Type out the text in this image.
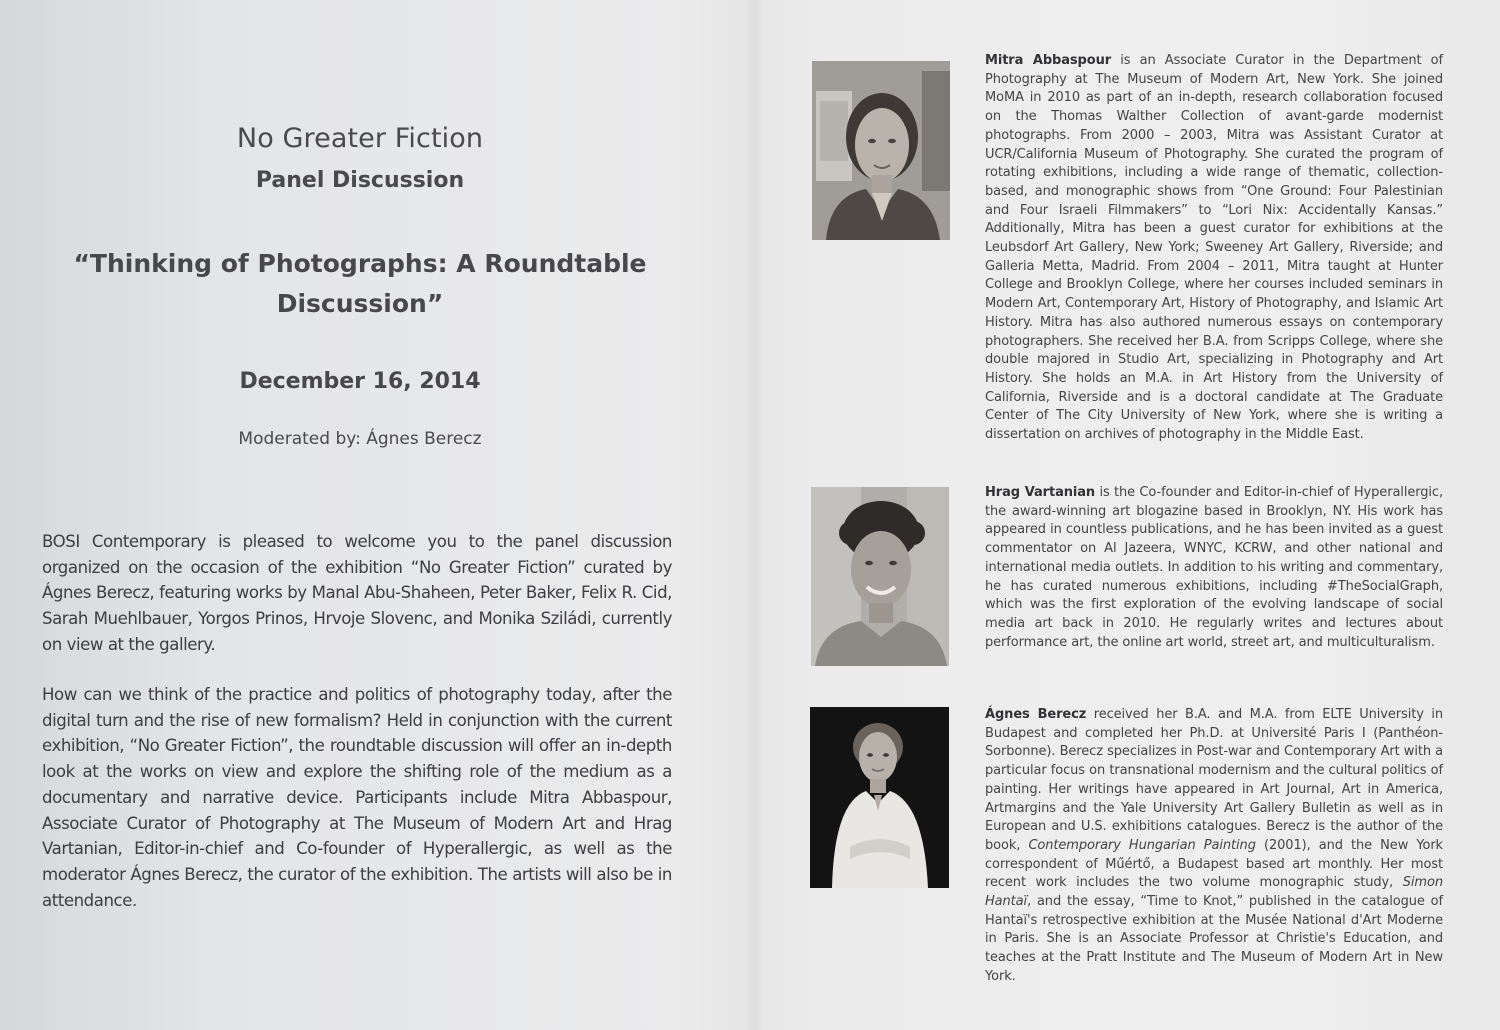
No Greater Fiction
Panel Discussion
“Thinking of Photographs: A Roundtable Discussion”
December 16, 2014
Moderated by: Ágnes Berecz
BOSI Contemporary is pleased to welcome you to the panel discussion organized on the occasion of the exhibition “No Greater Fiction” curated by Ágnes Berecz, featuring works by Manal Abu-Shaheen, Peter Baker, Felix R. Cid, Sarah Muehlbauer, Yorgos Prinos, Hrvoje Slovenc, and Monika Sziládi, currently on view at the gallery.
How can we think of the practice and politics of photography today, after the digital turn and the rise of new formalism? Held in conjunction with the current exhibition, “No Greater Fiction”, the roundtable discussion will offer an in-depth look at the works on view and explore the shifting role of the medium as a documentary and narrative device. Participants include Mitra Abbaspour, Associate Curator of Photography at The Museum of Modern Art and Hrag Vartanian, Editor-in-chief and Co-founder of Hyperallergic, as well as the moderator Ágnes Berecz, the curator of the exhibition. The artists will also be in attendance.
Mitra Abbaspour is an Associate Curator in the Department of Photography at The Museum of Modern Art, New York. She joined MoMA in 2010 as part of an in-depth, research collaboration focused on the Thomas Walther Collection of avant-garde modernist photographs. From 2000 – 2003, Mitra was Assistant Curator at UCR/California Museum of Photography. She curated the program of rotating exhibitions, including a wide range of thematic, collection-based, and monographic shows from “One Ground: Four Palestinian and Four Israeli Filmmakers” to “Lori Nix: Accidentally Kansas.” Additionally, Mitra has been a guest curator for exhibitions at the Leubsdorf Art Gallery, New York; Sweeney Art Gallery, Riverside; and Galleria Metta, Madrid. From 2004 – 2011, Mitra taught at Hunter College and Brooklyn College, where her courses included seminars in Modern Art, Contemporary Art, History of Photography, and Islamic Art History. Mitra has also authored numerous essays on contemporary photographers. She received her B.A. from Scripps College, where she double majored in Studio Art, specializing in Photography and Art History. She holds an M.A. in Art History from the University of California, Riverside and is a doctoral candidate at The Graduate Center of The City University of New York, where she is writing a dissertation on archives of photography in the Middle East.
Hrag Vartanian is the Co-founder and Editor-in-chief of Hyperallergic, the award-winning art blogazine based in Brooklyn, NY. His work has appeared in countless publications, and he has been invited as a guest commentator on Al Jazeera, WNYC, KCRW, and other national and international media outlets. In addition to his writing and commentary, he has curated numerous exhibitions, including #TheSocialGraph, which was the first exploration of the evolving landscape of social media art back in 2010. He regularly writes and lectures about performance art, the online art world, street art, and multiculturalism.
Ágnes Berecz received her B.A. and M.A. from ELTE University in Budapest and completed her Ph.D. at Université Paris I (Panthéon-Sorbonne). Berecz specializes in Post-war and Contemporary Art with a particular focus on transnational modernism and the cultural politics of painting. Her writings have appeared in Art Journal, Art in America, Artmargins and the Yale University Art Gallery Bulletin as well as in European and U.S. exhibitions catalogues. Berecz is the author of the book, Contemporary Hungarian Painting (2001), and the New York correspondent of Műértő, a Budapest based art monthly. Her most recent work includes the two volume monographic study, Simon Hantaï, and the essay, “Time to Knot,” published in the catalogue of Hantaï's retrospective exhibition at the Musée National d'Art Moderne in Paris. She is an Associate Professor at Christie's Education, and teaches at the Pratt Institute and The Museum of Modern Art in New York.
